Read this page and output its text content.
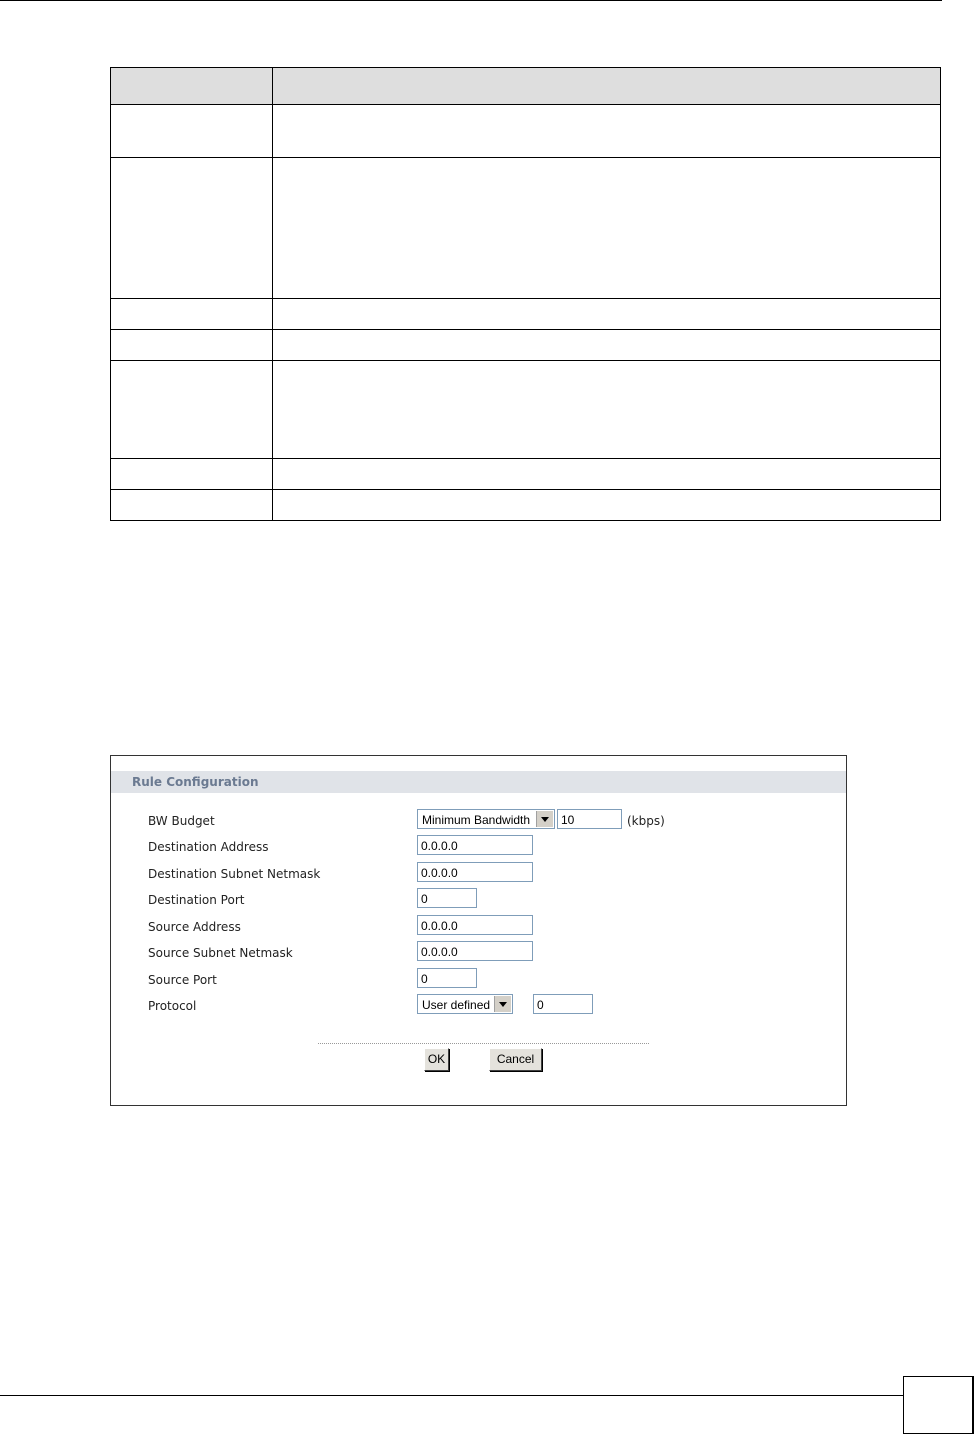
Rule Configuration
BW Budget	Minimum Bandwidth	10	(kbps)
Destination Address	0.0.0.0
Destination Subnet Netmask	0.0.0.0
Destination Port	0
Source Address	0.0.0.0
Source Subnet Netmask	0.0.0.0
Source Port	0
Protocol	User defined	0
OK	Cancel
